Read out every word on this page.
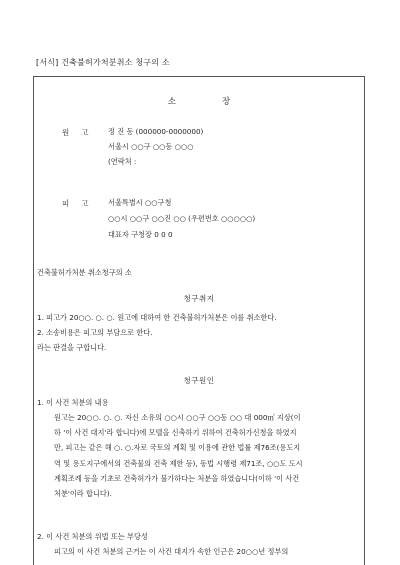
[서식] 건축불허가처분취소 청구의 소
소장
원고 정 진 동 (000000-0000000)
서울시 ○○구 ○○동 ○○○
(연락처 :
피고 서울특별시 ○○구청
○○시 ○○구 ○○진 ○○ (우편번호 ○○○○○)
대표자 구청장 0 0 0
건축불허가처분 취소청구의 소
청구취지
1. 피고가 20○○. ○. ○. 원고에 대하여 한 건축불허가처분은 이를 취소한다.
2. 소송비용은 피고의 부담으로 한다.
라는 판결을 구합니다.
청구원인
1. 이 사건 처분의 내용
원고는 20○○. ○. ○. 자신 소유의 ○○시 ○○구 ○○동 ○○ 대 000㎡ 지상(이
하 '이 사건 대지'라 합니다)에 모텔을 신축하기 위하여 건축허가신청을 하였지
만, 피고는 같은 해 ○. ○.자로 국토의 계획 및 이용에 관한 법률 제76조(용도지
역 및 용도지구에서의 건축물의 건축 제한 등), 동법 시행령 제71조, ○○도 도시
계획조례 등을 기초로 건축허가가 불가하다는 처분을 하였습니다(이하 '이 사건
처분'이라 합니다).
2. 이 사건 처분의 위법 또는 부당성
피고의 이 사건 처분의 근거는 이 사건 대지가 속한 인근은 20○○년 정부의
